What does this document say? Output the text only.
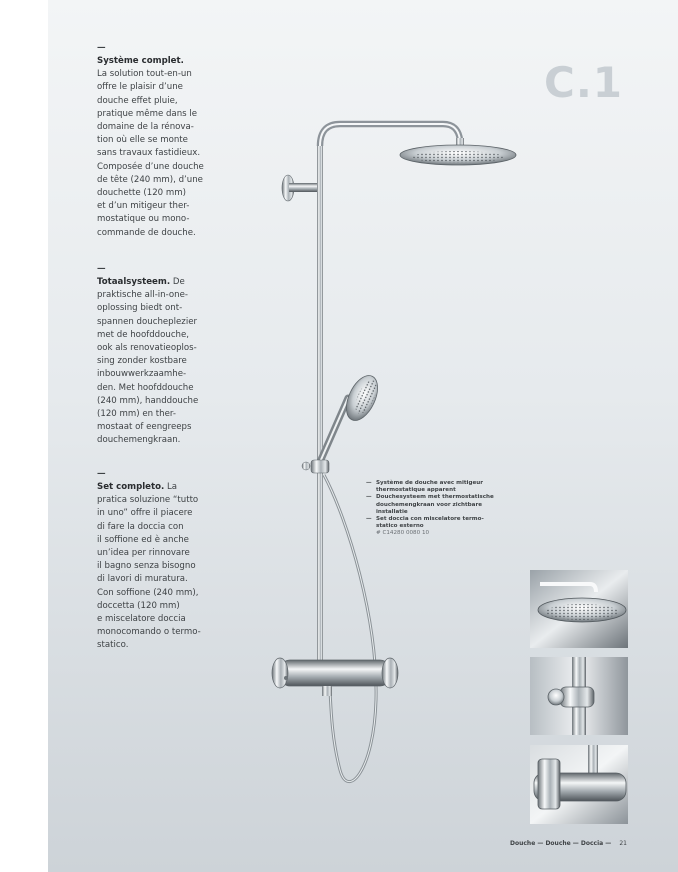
C.1
—
Système complet.
La solution tout-en-un
offre le plaisir d’une
douche effet pluie,
pratique même dans le
domaine de la rénova-
tion où elle se monte
sans travaux fastidieux.
Composée d’une douche
de tête (240 mm), d’une
douchette (120 mm)
et d’un mitigeur ther-
mostatique ou mono-
commande de douche.
—
Totaalsysteem. De
praktische all-in-one-
oplossing biedt ont-
spannen doucheplezier
met de hoofddouche,
ook als renovatieoplos-
sing zonder kostbare
inbouwwerkzaamhe-
den. Met hoofddouche
(240 mm), handdouche
(120 mm) en ther-
mostaat of eengreeps
douchemengkraan.
—
Set completo. La
pratica soluzione “tutto
in uno” offre il piacere
di fare la doccia con
il soffione ed è anche
un’idea per rinnovare
il bagno senza bisogno
di lavori di muratura.
Con soffione (240 mm),
doccetta (120 mm)
e miscelatore doccia
monocomando o termo-
statico.
— Système de douche avec mitigeur
thermostatique apparent
— Douchesysteem met thermostatische
douchemengkraan voor zichtbare
installatie
— Set doccia con miscelatore termo-
statico esterno
# C14280 0080 10
Douche — Douche — Doccia — 21
